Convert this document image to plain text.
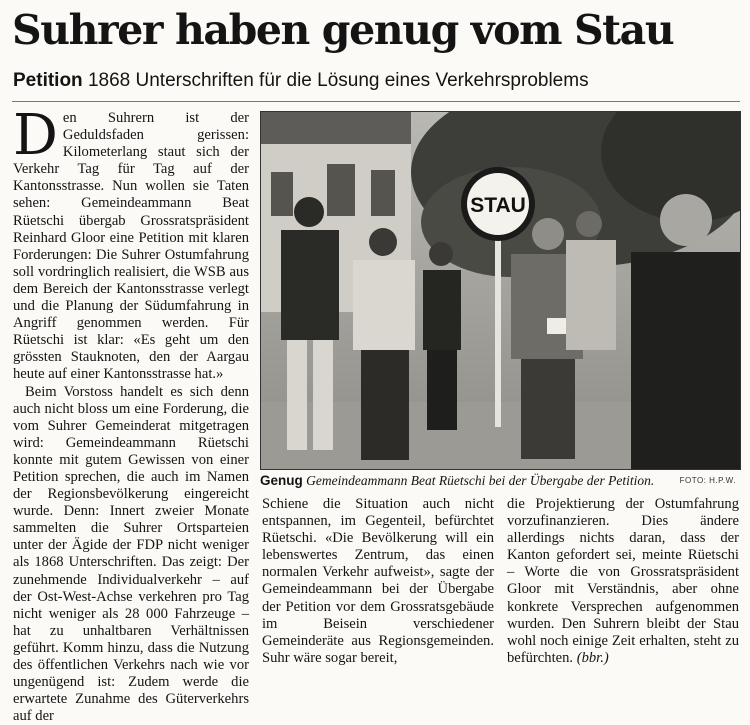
Suhrer haben genug vom Stau
Petition 1868 Unterschriften für die Lösung eines Verkehrsproblems

Den Suhrern ist der Geduldsfaden gerissen: Kilometerlang staut sich der Verkehr Tag für Tag auf der Kantonsstrasse. Nun wollen sie Taten sehen: Gemeindeammann Beat Rüetschi übergab Grossratspräsident Reinhard Gloor eine Petition mit klaren Forderungen: Die Suhrer Ostumfahrung soll vordringlich realisiert, die WSB aus dem Bereich der Kantonsstrasse verlegt und die Planung der Südumfahrung in Angriff genommen werden. Für Rüetschi ist klar: «Es geht um den grössten Stauknoten, den der Aargau heute auf einer Kantonsstrasse hat.»

Beim Vorstoss handelt es sich denn auch nicht bloss um eine Forderung, die vom Suhrer Gemeinderat mitgetragen wird: Gemeindeammann Rüetschi konnte mit gutem Gewissen von einer Petition sprechen, die auch im Namen der Regionsbevölkerung eingereicht wurde. Denn: Innert zweier Monate sammelten die Suhrer Ortsparteien unter der Ägide der FDP nicht weniger als 1868 Unterschriften. Das zeigt: Der zunehmende Individualverkehr – auf der Ost-West-Achse verkehren pro Tag nicht weniger als 28 000 Fahrzeuge – hat zu unhaltbaren Verhältnissen geführt. Komm hinzu, dass die Nutzung des öffentlichen Verkehrs nach wie vor ungenügend ist: Zudem werde die erwartete Zunahme des Güterverkehrs auf der

STAU
Genug Gemeindeammann Beat Rüetschi bei der Übergabe der Petition.	FOTO: H.P.W.

Schiene die Situation auch nicht entspannen, im Gegenteil, befürchtet Rüetschi. «Die Bevölkerung will ein lebenswertes Zentrum, das einen normalen Verkehr aufweist», sagte der Gemeindeammann bei der Übergabe der Petition vor dem Grossratsgebäude im Beisein verschiedener Gemeinderäte aus Regionsgemeinden. Suhr wäre sogar bereit,

die Projektierung der Ostumfahrung vorzufinanzieren. Dies ändere allerdings nichts daran, dass der Kanton gefordert sei, meinte Rüetschi – Worte die von Grossratspräsident Gloor mit Verständnis, aber ohne konkrete Versprechen aufgenommen wurden. Den Suhrern bleibt der Stau wohl noch einige Zeit erhalten, steht zu befürchten. (bbr.)
